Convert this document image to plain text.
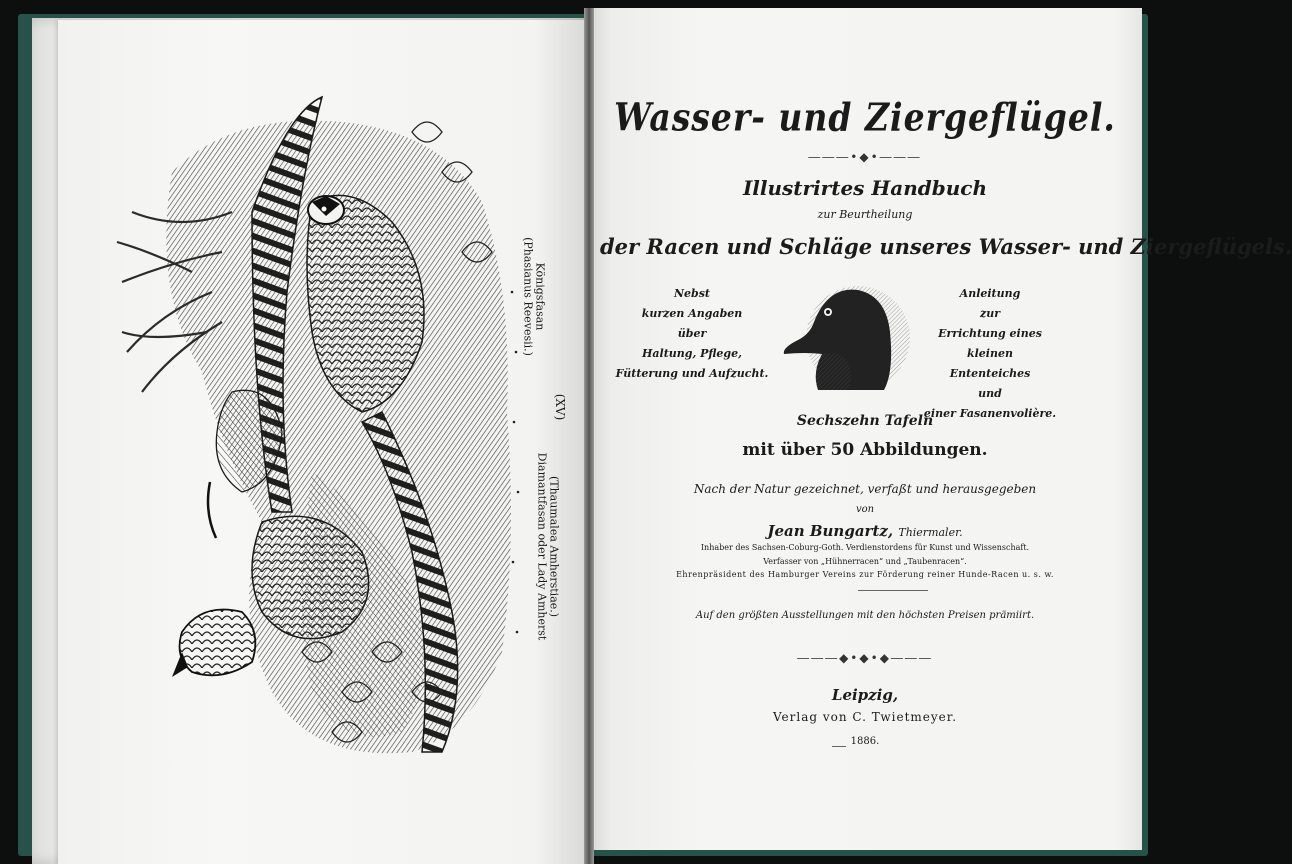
Königsfasan
(Phasianus Reevesii.)
(XV)
Diamantfasan oder Lady Amherst (Thaumalea Amherstiae.)
Wasser- und Ziergeflügel.
―――•◆•―――
Illustrirtes Handbuch
zur Beurtheilung
der Racen und Schläge unseres Wasser- und Ziergeflügels.
Sechszehn Tafeln
mit über 50 Abbildungen.
Nach der Natur gezeichnet, verfaßt und herausgegeben
von
Jean Bungartz, Thiermaler.
Inhaber des Sachsen-Coburg-Goth. Verdienstordens für Kunst und Wissenschaft.
Verfasser von „Hühnerracen“ und „Taubenracen“.
Ehrenpräsident des Hamburger Vereins zur Förderung reiner Hunde-Racen u. s. w.
Auf den größten Ausstellungen mit den höchsten Preisen prämiirt.
―――◆•◆•◆―――
Leipzig,
Verlag von C. Twietmeyer.
1886.
Nebst
kurzen Angaben
über
Haltung, Pflege,
Fütterung und Aufzucht.
Anleitung
zur
Errichtung eines kleinen
Ententeiches
und
einer Fasanenvolière.
